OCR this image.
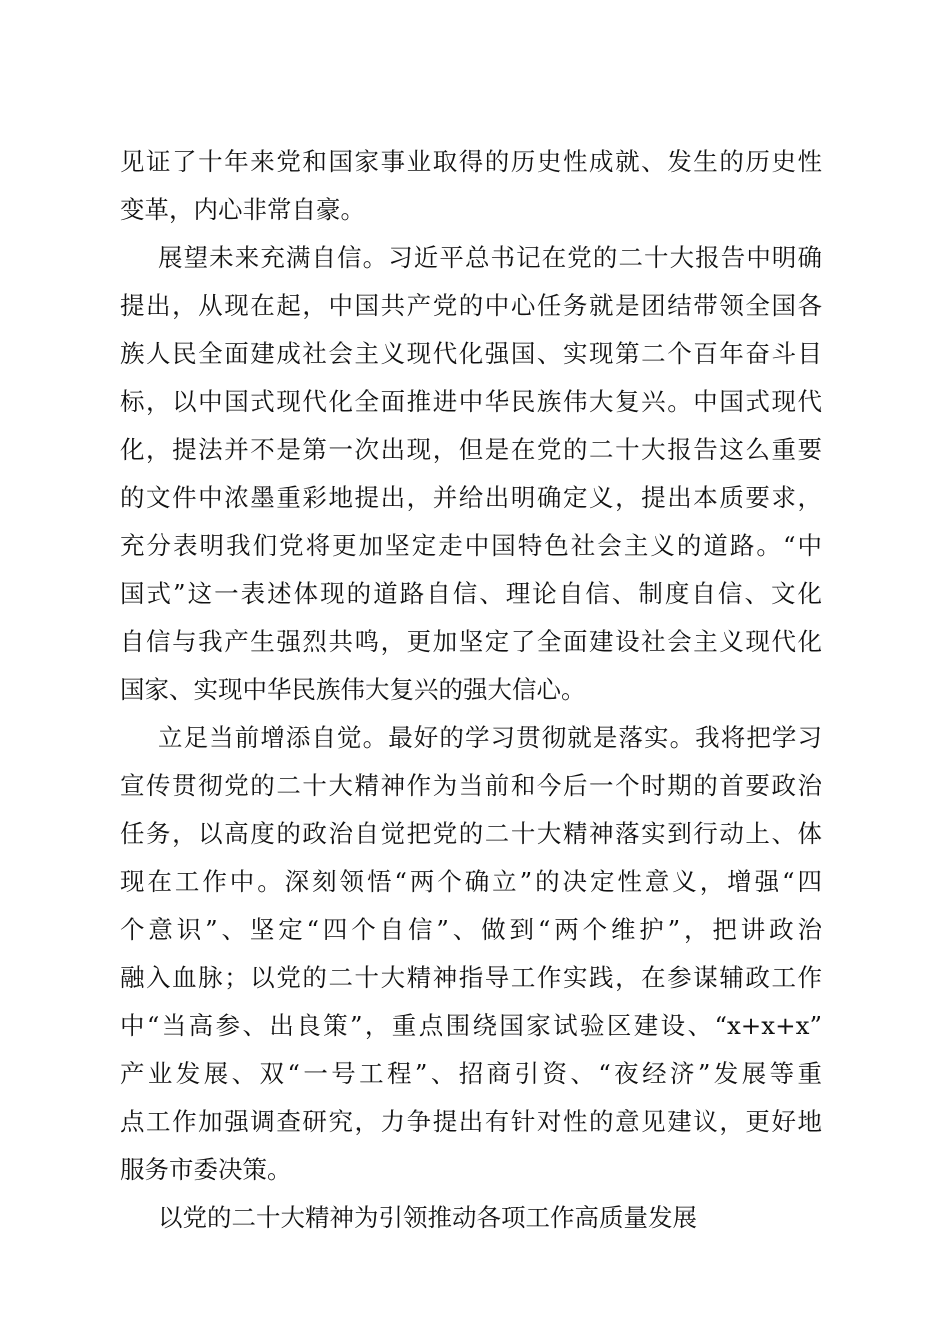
见证了十年来党和国家事业取得的历史性成就、发生的历史性
变革，内心非常自豪。
展望未来充满自信。习近平总书记在党的二十大报告中明确
提出，从现在起，中国共产党的中心任务就是团结带领全国各
族人民全面建成社会主义现代化强国、实现第二个百年奋斗目
标，以中国式现代化全面推进中华民族伟大复兴。中国式现代
化，提法并不是第一次出现，但是在党的二十大报告这么重要
的文件中浓墨重彩地提出，并给出明确定义，提出本质要求，
充分表明我们党将更加坚定走中国特色社会主义的道路。“中
国式”这一表述体现的道路自信、理论自信、制度自信、文化
自信与我产生强烈共鸣，更加坚定了全面建设社会主义现代化
国家、实现中华民族伟大复兴的强大信心。
立足当前增添自觉。最好的学习贯彻就是落实。我将把学习
宣传贯彻党的二十大精神作为当前和今后一个时期的首要政治
任务，以高度的政治自觉把党的二十大精神落实到行动上、体
现在工作中。深刻领悟“两个确立”的决定性意义，增强“四
个意识”、坚定“四个自信”、做到“两个维护”，把讲政治
融入血脉；以党的二十大精神指导工作实践，在参谋辅政工作
中“当高参、出良策”，重点围绕国家试验区建设、“x+x+x”
产业发展、双“一号工程”、招商引资、“夜经济”发展等重
点工作加强调查研究，力争提出有针对性的意见建议，更好地
服务市委决策。
以党的二十大精神为引领推动各项工作高质量发展
